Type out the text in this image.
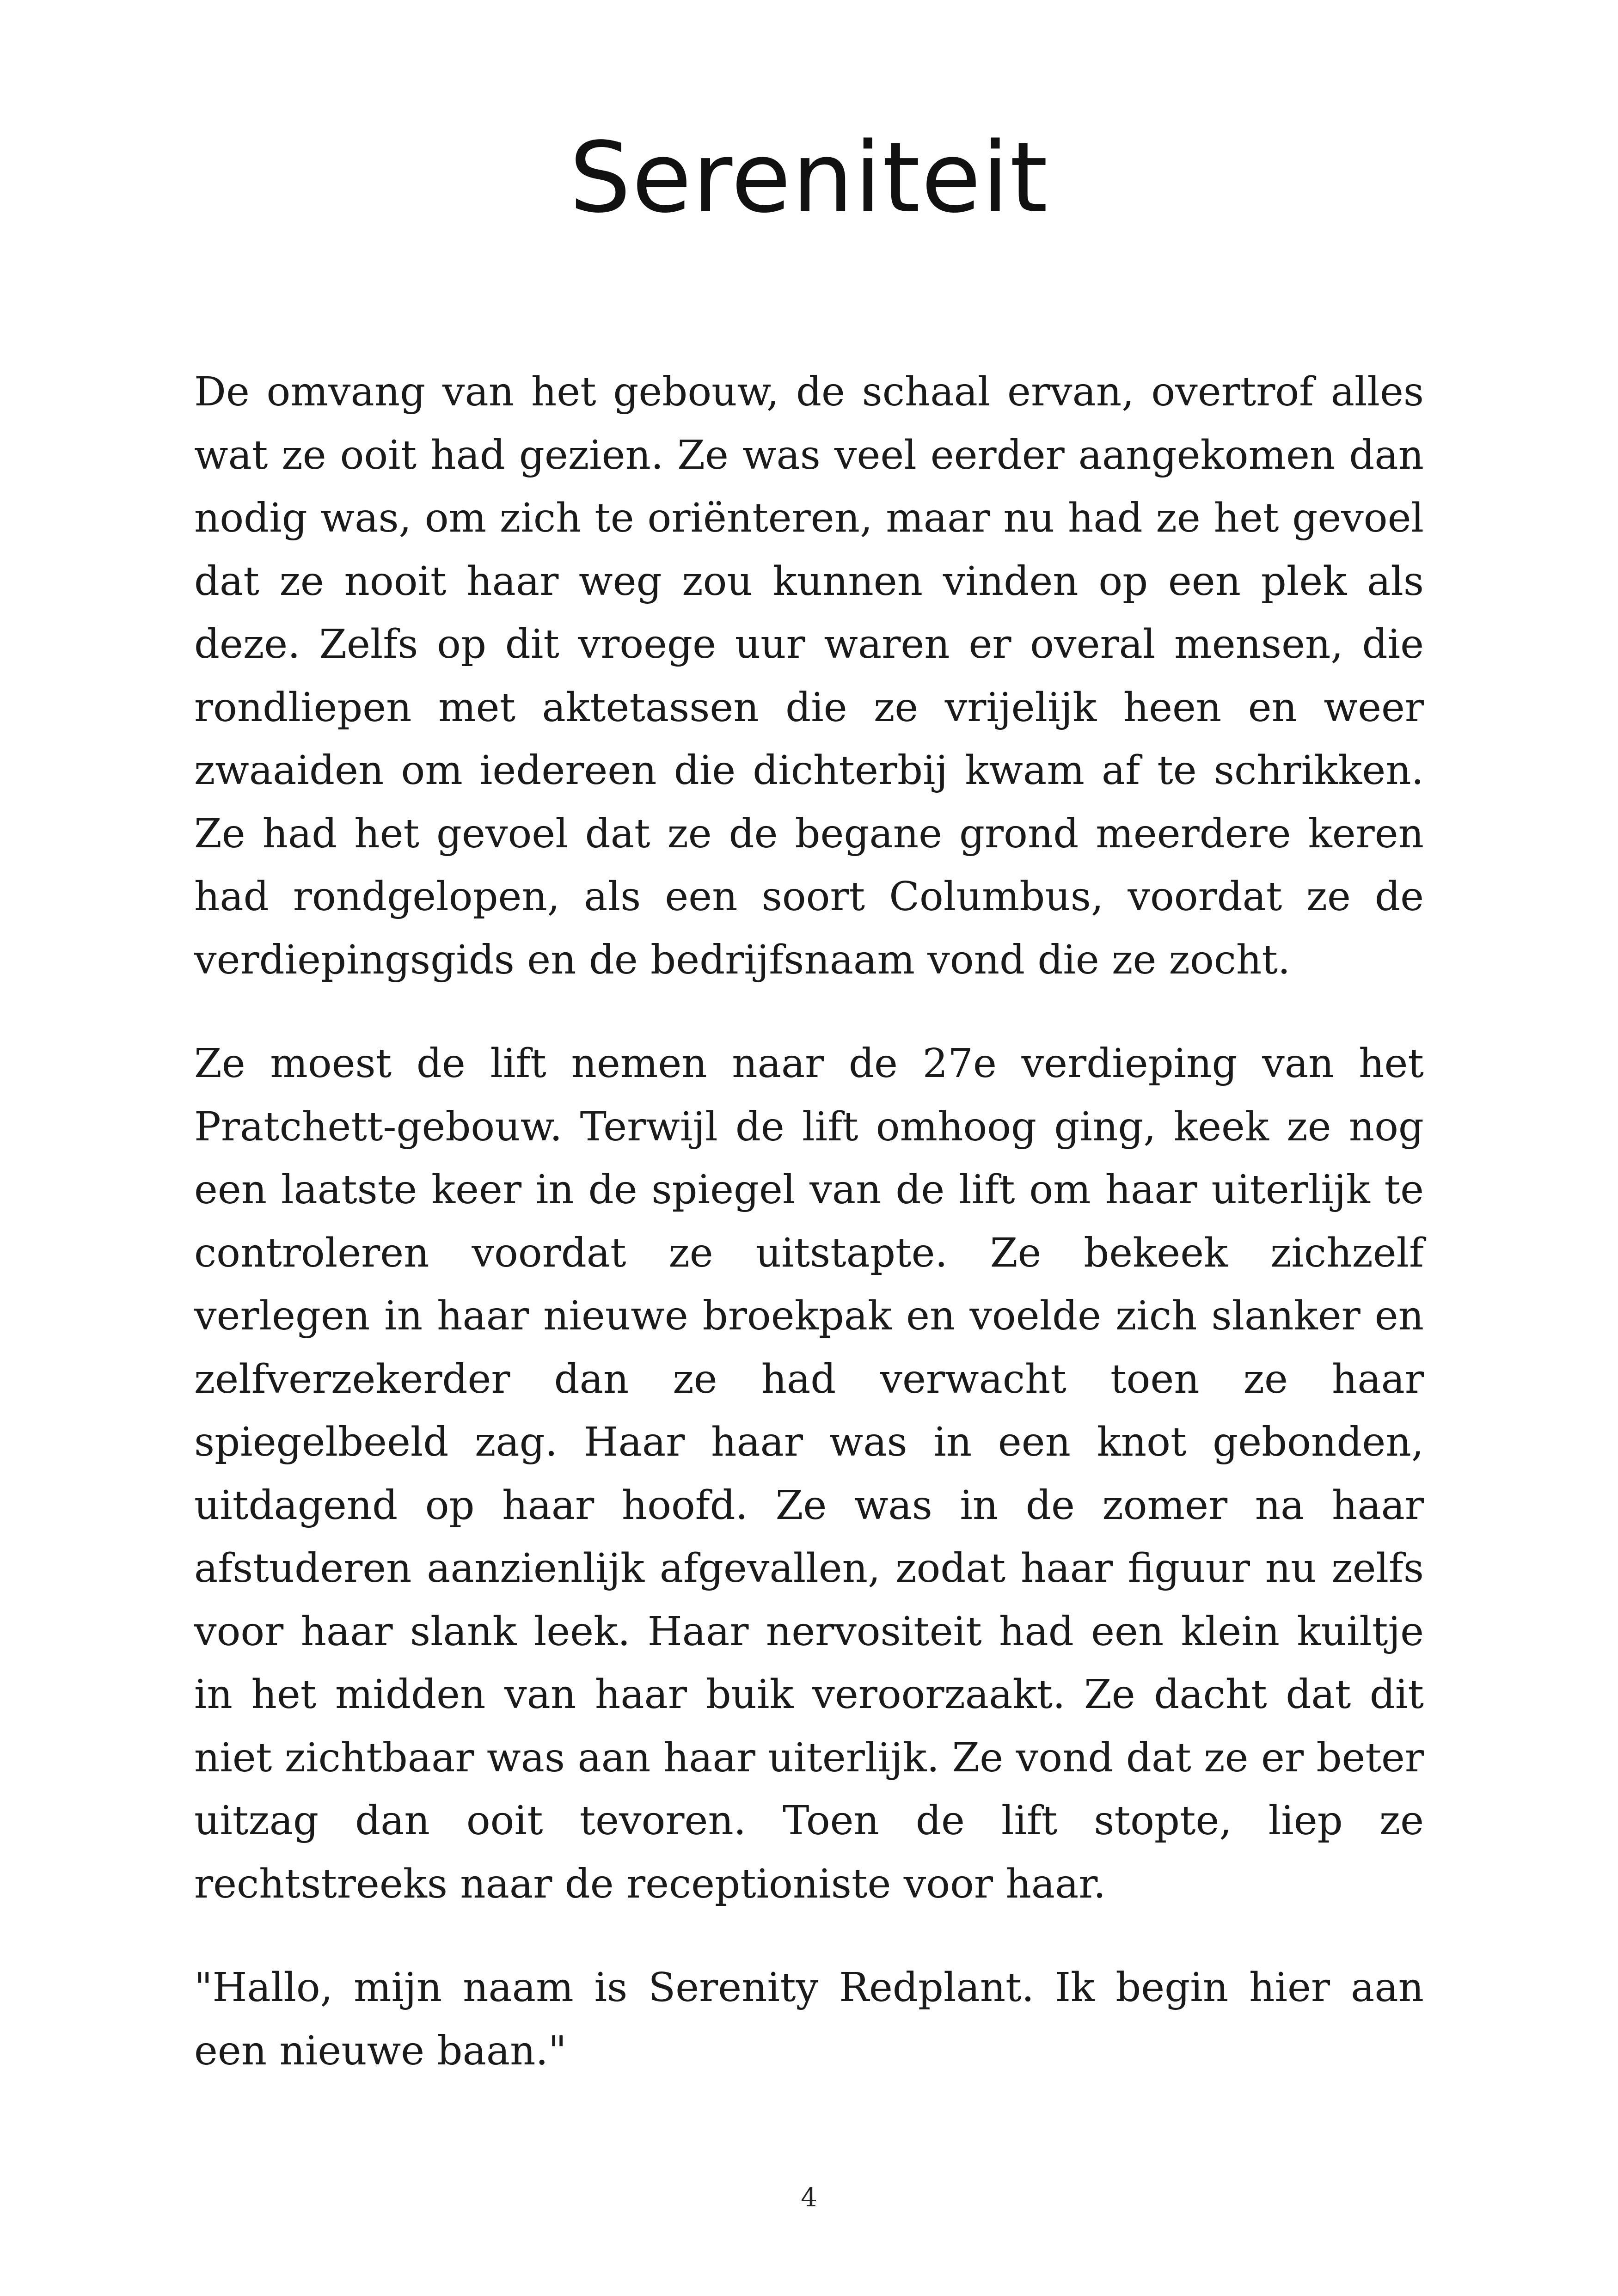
Sereniteit

De omvang van het gebouw, de schaal ervan, overtrof alles wat ze ooit had gezien. Ze was veel eerder aangekomen dan nodig was, om zich te oriënteren, maar nu had ze het gevoel dat ze nooit haar weg zou kunnen vinden op een plek als deze. Zelfs op dit vroege uur waren er overal mensen, die rondliepen met aktetassen die ze vrijelijk heen en weer zwaaiden om iedereen die dichterbij kwam af te schrikken. Ze had het gevoel dat ze de begane grond meerdere keren had rondgelopen, als een soort Columbus, voordat ze de verdiepingsgids en de bedrijfsnaam vond die ze zocht.

Ze moest de lift nemen naar de 27e verdieping van het Pratchett-gebouw. Terwijl de lift omhoog ging, keek ze nog een laatste keer in de spiegel van de lift om haar uiterlijk te controleren voordat ze uitstapte. Ze bekeek zichzelf verlegen in haar nieuwe broekpak en voelde zich slanker en zelfverzekerder dan ze had verwacht toen ze haar spiegelbeeld zag. Haar haar was in een knot gebonden, uitdagend op haar hoofd. Ze was in de zomer na haar afstuderen aanzienlijk afgevallen, zodat haar figuur nu zelfs voor haar slank leek. Haar nervositeit had een klein kuiltje in het midden van haar buik veroorzaakt. Ze dacht dat dit niet zichtbaar was aan haar uiterlijk. Ze vond dat ze er beter uitzag dan ooit tevoren. Toen de lift stopte, liep ze rechtstreeks naar de receptioniste voor haar.

"Hallo, mijn naam is Serenity Redplant. Ik begin hier aan een nieuwe baan."

4
